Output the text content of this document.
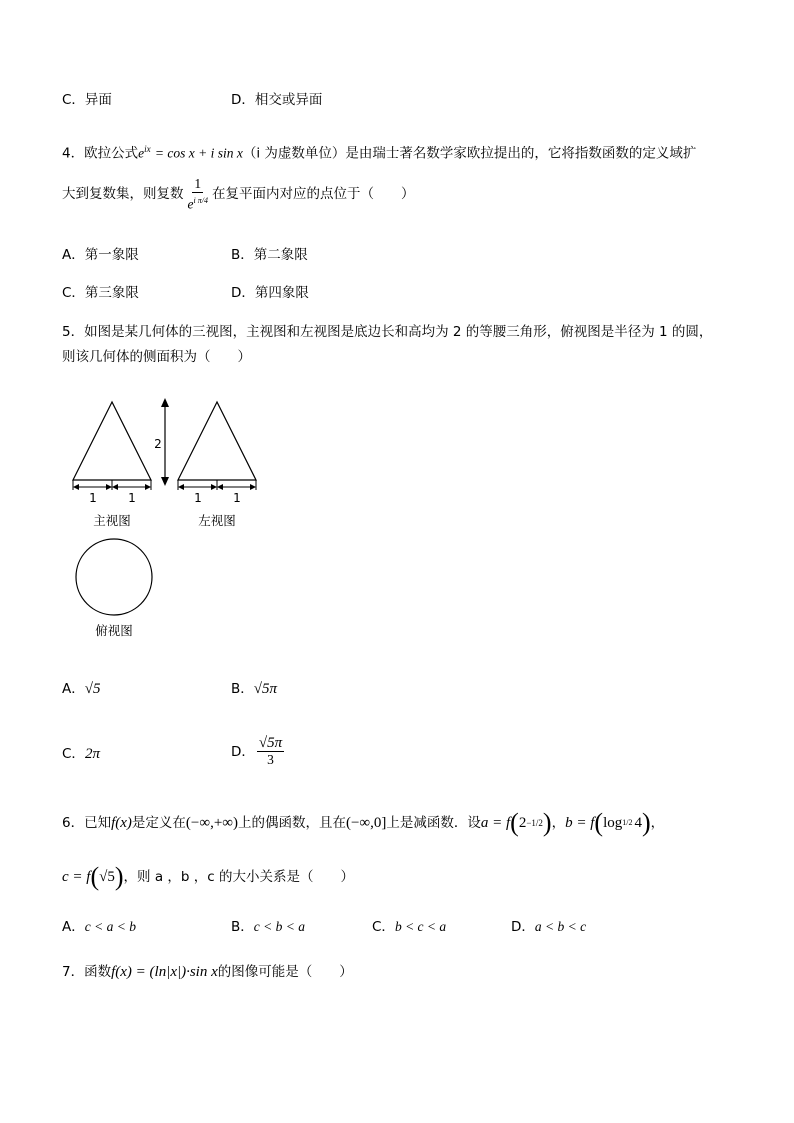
C．异面	D．相交或异面
4．欧拉公式$e^{ix} = \cos x + i$ sin x（i 为虚数单位）是由瑞士著名数学家欧拉提出的，它将指数函数的定义域扩
大到复数集，则复数 $\frac{1}{e^{i \pi/4}}$ 在复平面内对应的点位于（　　）
A．第一象限	B．第二象限
C．第三象限	D．第四象限
5．如图是某几何体的三视图，主视图和左视图是底边长和高均为 2 的等腰三角形，俯视图是半径为 1 的圆，
则该几何体的侧面积为（　　）
1	1
主视图
2
1	1
左视图
俯视图
A．√5	B．√5π
C．2π	D． $\frac{√5\pi}{3}$
6．已知 f(x) 是定义在 (−∞,+∞) 上的偶函数，且在 (−∞,0] 上是减函数．设 a = f ( 2 −1/2 ) ， b = f ( log 1/2 4 ) ，
c = f ( √5 ) ，则 a ，b ，c 的大小关系是（　　）
A．c < a < b	B．c < b < a	C．b < c < a	D．a < b < c
7．函数f(x) = (ln|x|)·sin x的图像可能是（　　）
